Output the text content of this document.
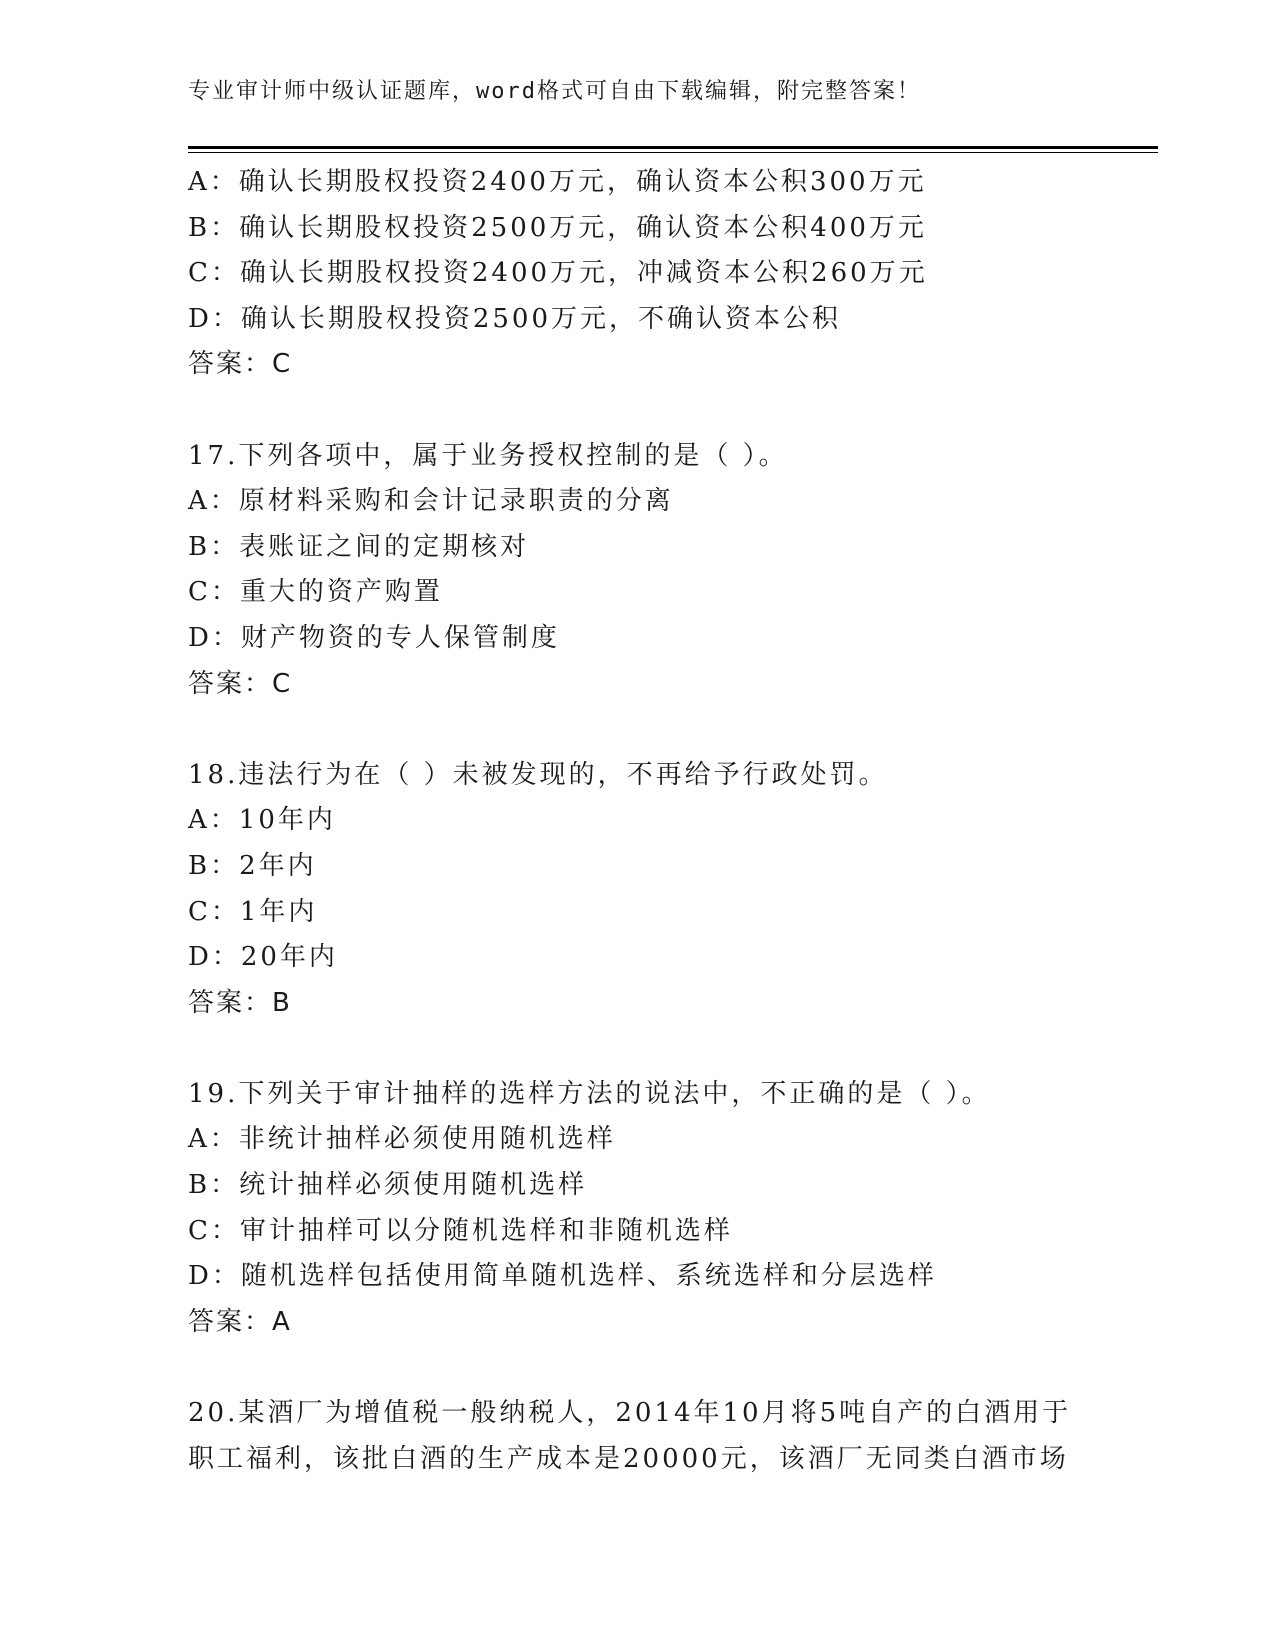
专业审计师中级认证题库，word格式可自由下载编辑，附完整答案！
A：确认长期股权投资2400万元，确认资本公积300万元
B：确认长期股权投资2500万元，确认资本公积400万元
C：确认长期股权投资2400万元，冲减资本公积260万元
D：确认长期股权投资2500万元，不确认资本公积
答案：C
17.下列各项中，属于业务授权控制的是（ ）。
A：原材料采购和会计记录职责的分离
B：表账证之间的定期核对
C：重大的资产购置
D：财产物资的专人保管制度
答案：C
18.违法行为在（ ）未被发现的，不再给予行政处罚。
A：10年内
B：2年内
C：1年内
D：20年内
答案：B
19.下列关于审计抽样的选样方法的说法中，不正确的是（ ）。
A：非统计抽样必须使用随机选样
B：统计抽样必须使用随机选样
C：审计抽样可以分随机选样和非随机选样
D：随机选样包括使用简单随机选样、系统选样和分层选样
答案：A
20.某酒厂为增值税一般纳税人，2014年10月将5吨自产的白酒用于
职工福利，该批白酒的生产成本是20000元，该酒厂无同类白酒市场
